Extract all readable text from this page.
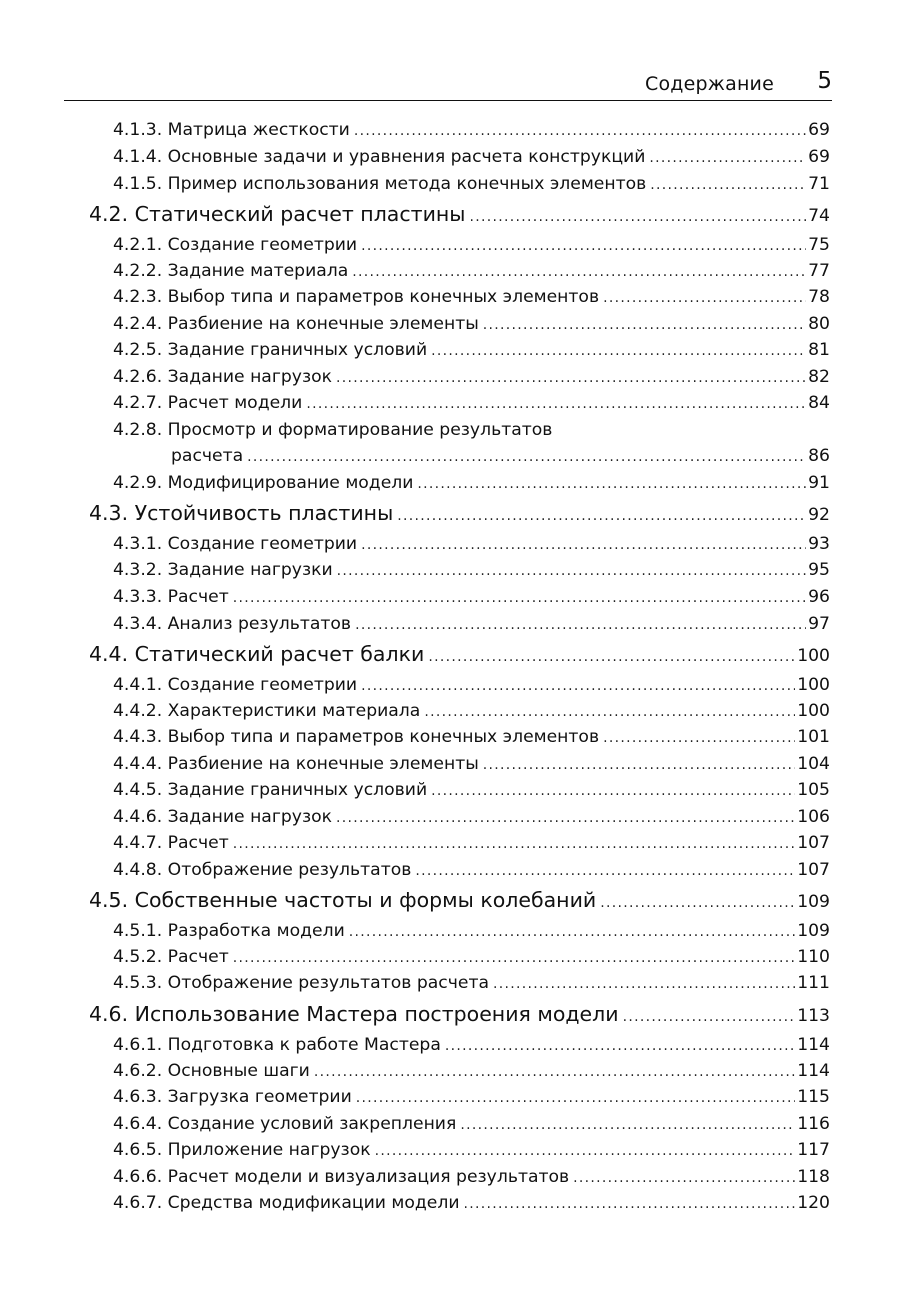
Содержание 5
4.1.3. Матрица жесткости .....	69
4.1.4. Основные задачи и уравнения расчета конструкций .....	69
4.1.5. Пример использования метода конечных элементов .....	71
4.2. Статический расчет пластины .....	74
4.2.1. Создание геометрии .....	75
4.2.2. Задание материала .....	77
4.2.3. Выбор типа и параметров конечных элементов .....	78
4.2.4. Разбиение на конечные элементы .....	80
4.2.5. Задание граничных условий .....	81
4.2.6. Задание нагрузок .....	82
4.2.7. Расчет модели .....	84
4.2.8. Просмотр и форматирование результатов
расчета .....	86
4.2.9. Модифицирование модели .....	91
4.3. Устойчивость пластины .....	92
4.3.1. Создание геометрии .....	93
4.3.2. Задание нагрузки .....	95
4.3.3. Расчет .....	96
4.3.4. Анализ результатов .....	97
4.4. Статический расчет балки .....	100
4.4.1. Создание геометрии .....	100
4.4.2. Характеристики материала .....	100
4.4.3. Выбор типа и параметров конечных элементов .....	101
4.4.4. Разбиение на конечные элементы .....	104
4.4.5. Задание граничных условий .....	105
4.4.6. Задание нагрузок .....	106
4.4.7. Расчет .....	107
4.4.8. Отображение результатов .....	107
4.5. Собственные частоты и формы колебаний .....	109
4.5.1. Разработка модели .....	109
4.5.2. Расчет .....	110
4.5.3. Отображение результатов расчета .....	111
4.6. Использование Мастера построения модели .....	113
4.6.1. Подготовка к работе Мастера .....	114
4.6.2. Основные шаги .....	114
4.6.3. Загрузка геометрии .....	115
4.6.4. Создание условий закрепления .....	116
4.6.5. Приложение нагрузок .....	117
4.6.6. Расчет модели и визуализация результатов .....	118
4.6.7. Средства модификации модели .....	120
